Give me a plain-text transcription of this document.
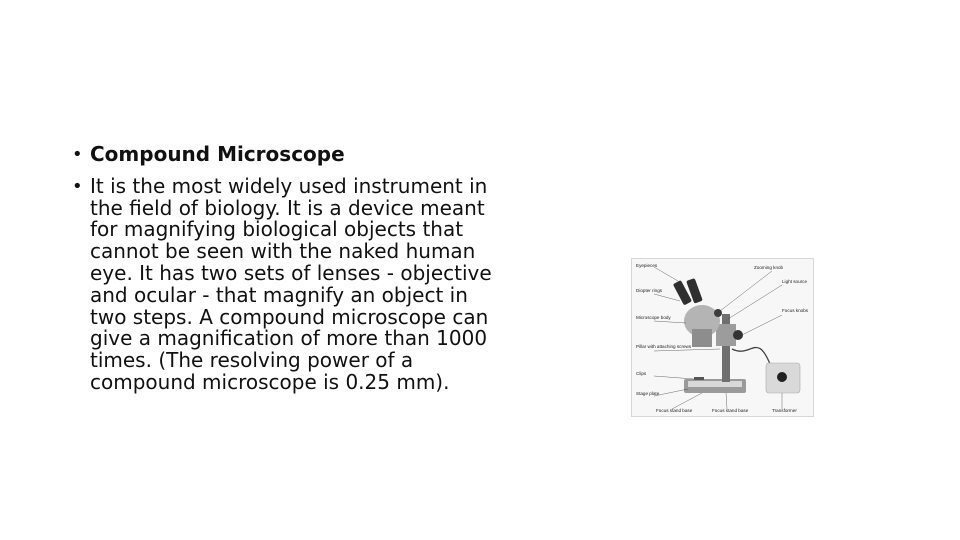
• Compound Microscope
• It is the most widely used instrument in the field of biology. It is a device meant for magnifying biological objects that cannot be seen with the naked human eye. It has two sets of lenses - objective and ocular - that magnify an object in two steps. A compound microscope can give a magnification of more than 1000 times. (The resolving power of a compound microscope is 0.25 mm).
Eyepieces
Diopter rings
Microscope body
Pillar with attaching screws
Clips
Stage plate
Zooming knob
Light source
Focus knobs
Focus stand base	Focus stand base	Transformer
